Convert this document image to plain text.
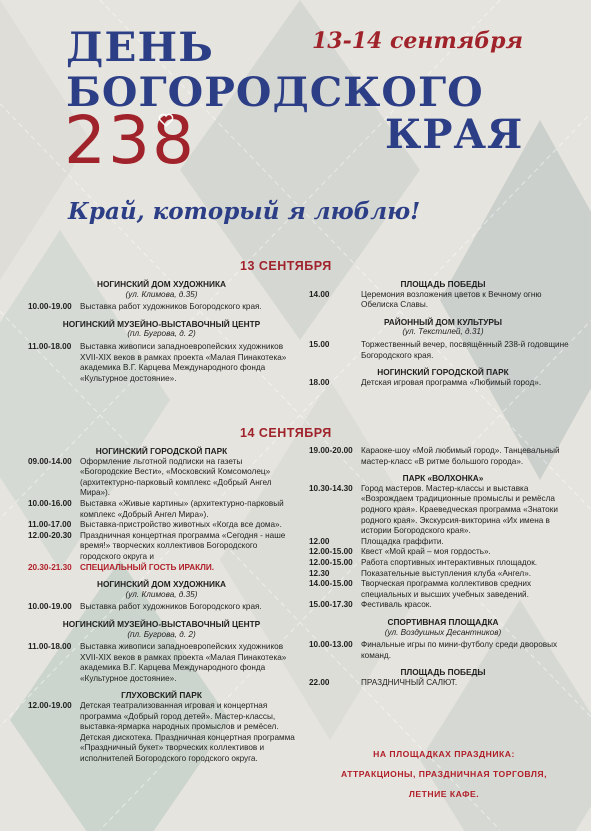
ДЕНЬ
БОГОРОДСКОГО
КРАЯ
238
13-14 сентября
Край, который я люблю!
13 СЕНТЯБРЯ
14 СЕНТЯБРЯ
НОГИНСКИЙ ДОМ ХУДОЖНИКА
(ул. Климова, д.35)
10.00-19.00	Выставка работ художников Богородского края.
НОГИНСКИЙ МУЗЕЙНО-ВЫСТАВОЧНЫЙ ЦЕНТР
(пл. Бугрова, д. 2)
11.00-18.00	Выставка живописи западноевропейских художников XVII-XIX веков в рамках проекта «Малая Пинакотека» академика В.Г. Карцева Международного фонда «Культурное достояние».
ПЛОЩАДЬ ПОБЕДЫ
14.00	Церемония возложения цветов к Вечному огню Обелиска Славы.
РАЙОННЫЙ ДОМ КУЛЬТУРЫ
(ул. Текстилей, д.31)
15.00	Торжественный вечер, посвящённый 238-й годовщине Богородского края.
НОГИНСКИЙ ГОРОДСКОЙ ПАРК
18.00	Детская игровая программа «Любимый город».
НОГИНСКИЙ ГОРОДСКОЙ ПАРК
09.00-14.00	Оформление льготной подписки на газеты «Богородские Вести», «Московский Комсомолец» (архитектурно-парковый комплекс «Добрый Ангел Мира»).
10.00-16.00	Выставка «Живые картины» (архитектурно-парковый комплекс «Добрый Ангел Мира»).
11.00-17.00	Выставка-пристройство животных «Когда все дома».
12.00-20.30	Праздничная концертная программа «Сегодня - наше время!» творческих коллективов Богородского городского округа и
20.30-21.30	СПЕЦИАЛЬНЫЙ ГОСТЬ ИРАКЛИ.
НОГИНСКИЙ ДОМ ХУДОЖНИКА
(ул. Климова, д.35)
10.00-19.00	Выставка работ художников Богородского края.
НОГИНСКИЙ МУЗЕЙНО-ВЫСТАВОЧНЫЙ ЦЕНТР
(пл. Бугрова, д. 2)
11.00-18.00	Выставка живописи западноевропейских художников XVII-XIX веков в рамках проекта «Малая Пинакотека» академика В.Г. Карцева Международного фонда «Культурное достояние».
ГЛУХОВСКИЙ ПАРК
12.00-19.00	Детская театрализованная игровая и концертная программа «Добрый город детей». Мастер-классы, выставка-ярмарка народных промыслов и ремёсел. Детская дискотека. Праздничная концертная программа «Праздничный букет» творческих коллективов и исполнителей Богородского городского округа.
19.00-20.00	Караоке-шоу «Мой любимый город». Танцевальный мастер-класс «В ритме большого города».
ПАРК «ВОЛХОНКА»
10.30-14.30	Город мастеров. Мастер-классы и выставка «Возрождаем традиционные промыслы и ремёсла родного края». Краеведческая программа «Знатоки родного края». Экскурсия-викторина «Их имена в истории Богородского края».
12.00	Площадка граффити.
12.00-15.00	Квест «Мой край – моя гордость».
12.00-15.00	Работа спортивных интерактивных площадок.
12.30	Показательные выступления клуба «Ангел».
14.00-15.00	Творческая программа коллективов средних специальных и высших учебных заведений.
15.00-17.30	Фестиваль красок.
СПОРТИВНАЯ ПЛОЩАДКА
(ул. Воздушных Десантников)
10.00-13.00	Финальные игры по мини-футболу среди дворовых команд.
ПЛОЩАДЬ ПОБЕДЫ
22.00	ПРАЗДНИЧНЫЙ САЛЮТ.
НА ПЛОЩАДКАХ ПРАЗДНИКА:
АТТРАКЦИОНЫ, ПРАЗДНИЧНАЯ ТОРГОВЛЯ,
ЛЕТНИЕ КАФЕ.
